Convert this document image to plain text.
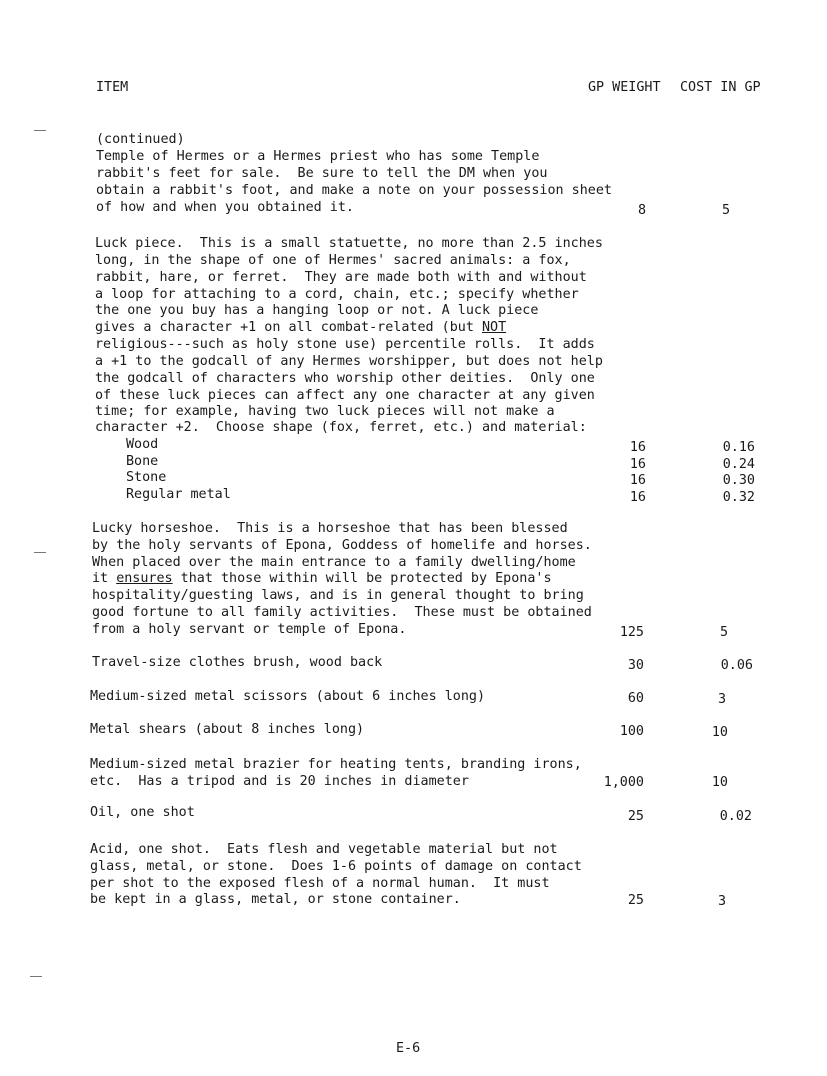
ITEM	GP WEIGHT COST IN GP
(continued)
Temple of Hermes or a Hermes priest who has some Temple
rabbit's feet for sale.  Be sure to tell the DM when you
obtain a rabbit's foot, and make a note on your possession sheet
of how and when you obtained it.	8	5
Luck piece.  This is a small statuette, no more than 2.5 inches
long, in the shape of one of Hermes' sacred animals: a fox,
rabbit, hare, or ferret.  They are made both with and without
a loop for attaching to a cord, chain, etc.; specify whether
the one you buy has a hanging loop or not. A luck piece
gives a character +1 on all combat-related (but NOT
religious---such as holy stone use) percentile rolls.  It adds
a +1 to the godcall of any Hermes worshipper, but does not help
the godcall of characters who worship other deities.  Only one
of these luck pieces can affect any one character at any given
time; for example, having two luck pieces will not make a
character +2.  Choose shape (fox, ferret, etc.) and material:
Wood	16	0.16
Bone	16	0.24
Stone	16	0.30
Regular metal	16	0.32
Lucky horseshoe.  This is a horseshoe that has been blessed
by the holy servants of Epona, Goddess of homelife and horses.
When placed over the main entrance to a family dwelling/home
it ensures that those within will be protected by Epona's
hospitality/guesting laws, and is in general thought to bring
good fortune to all family activities.  These must be obtained
from a holy servant or temple of Epona.	125	5
Travel-size clothes brush, wood back	30	0.06
Medium-sized metal scissors (about 6 inches long)	60	3
Metal shears (about 8 inches long)	100	10
Medium-sized metal brazier for heating tents, branding irons,
etc.  Has a tripod and is 20 inches in diameter	1,000	10
Oil, one shot	25	0.02
Acid, one shot.  Eats flesh and vegetable material but not
glass, metal, or stone.  Does 1-6 points of damage on contact
per shot to the exposed flesh of a normal human.  It must
be kept in a glass, metal, or stone container.	25	3
E-6
